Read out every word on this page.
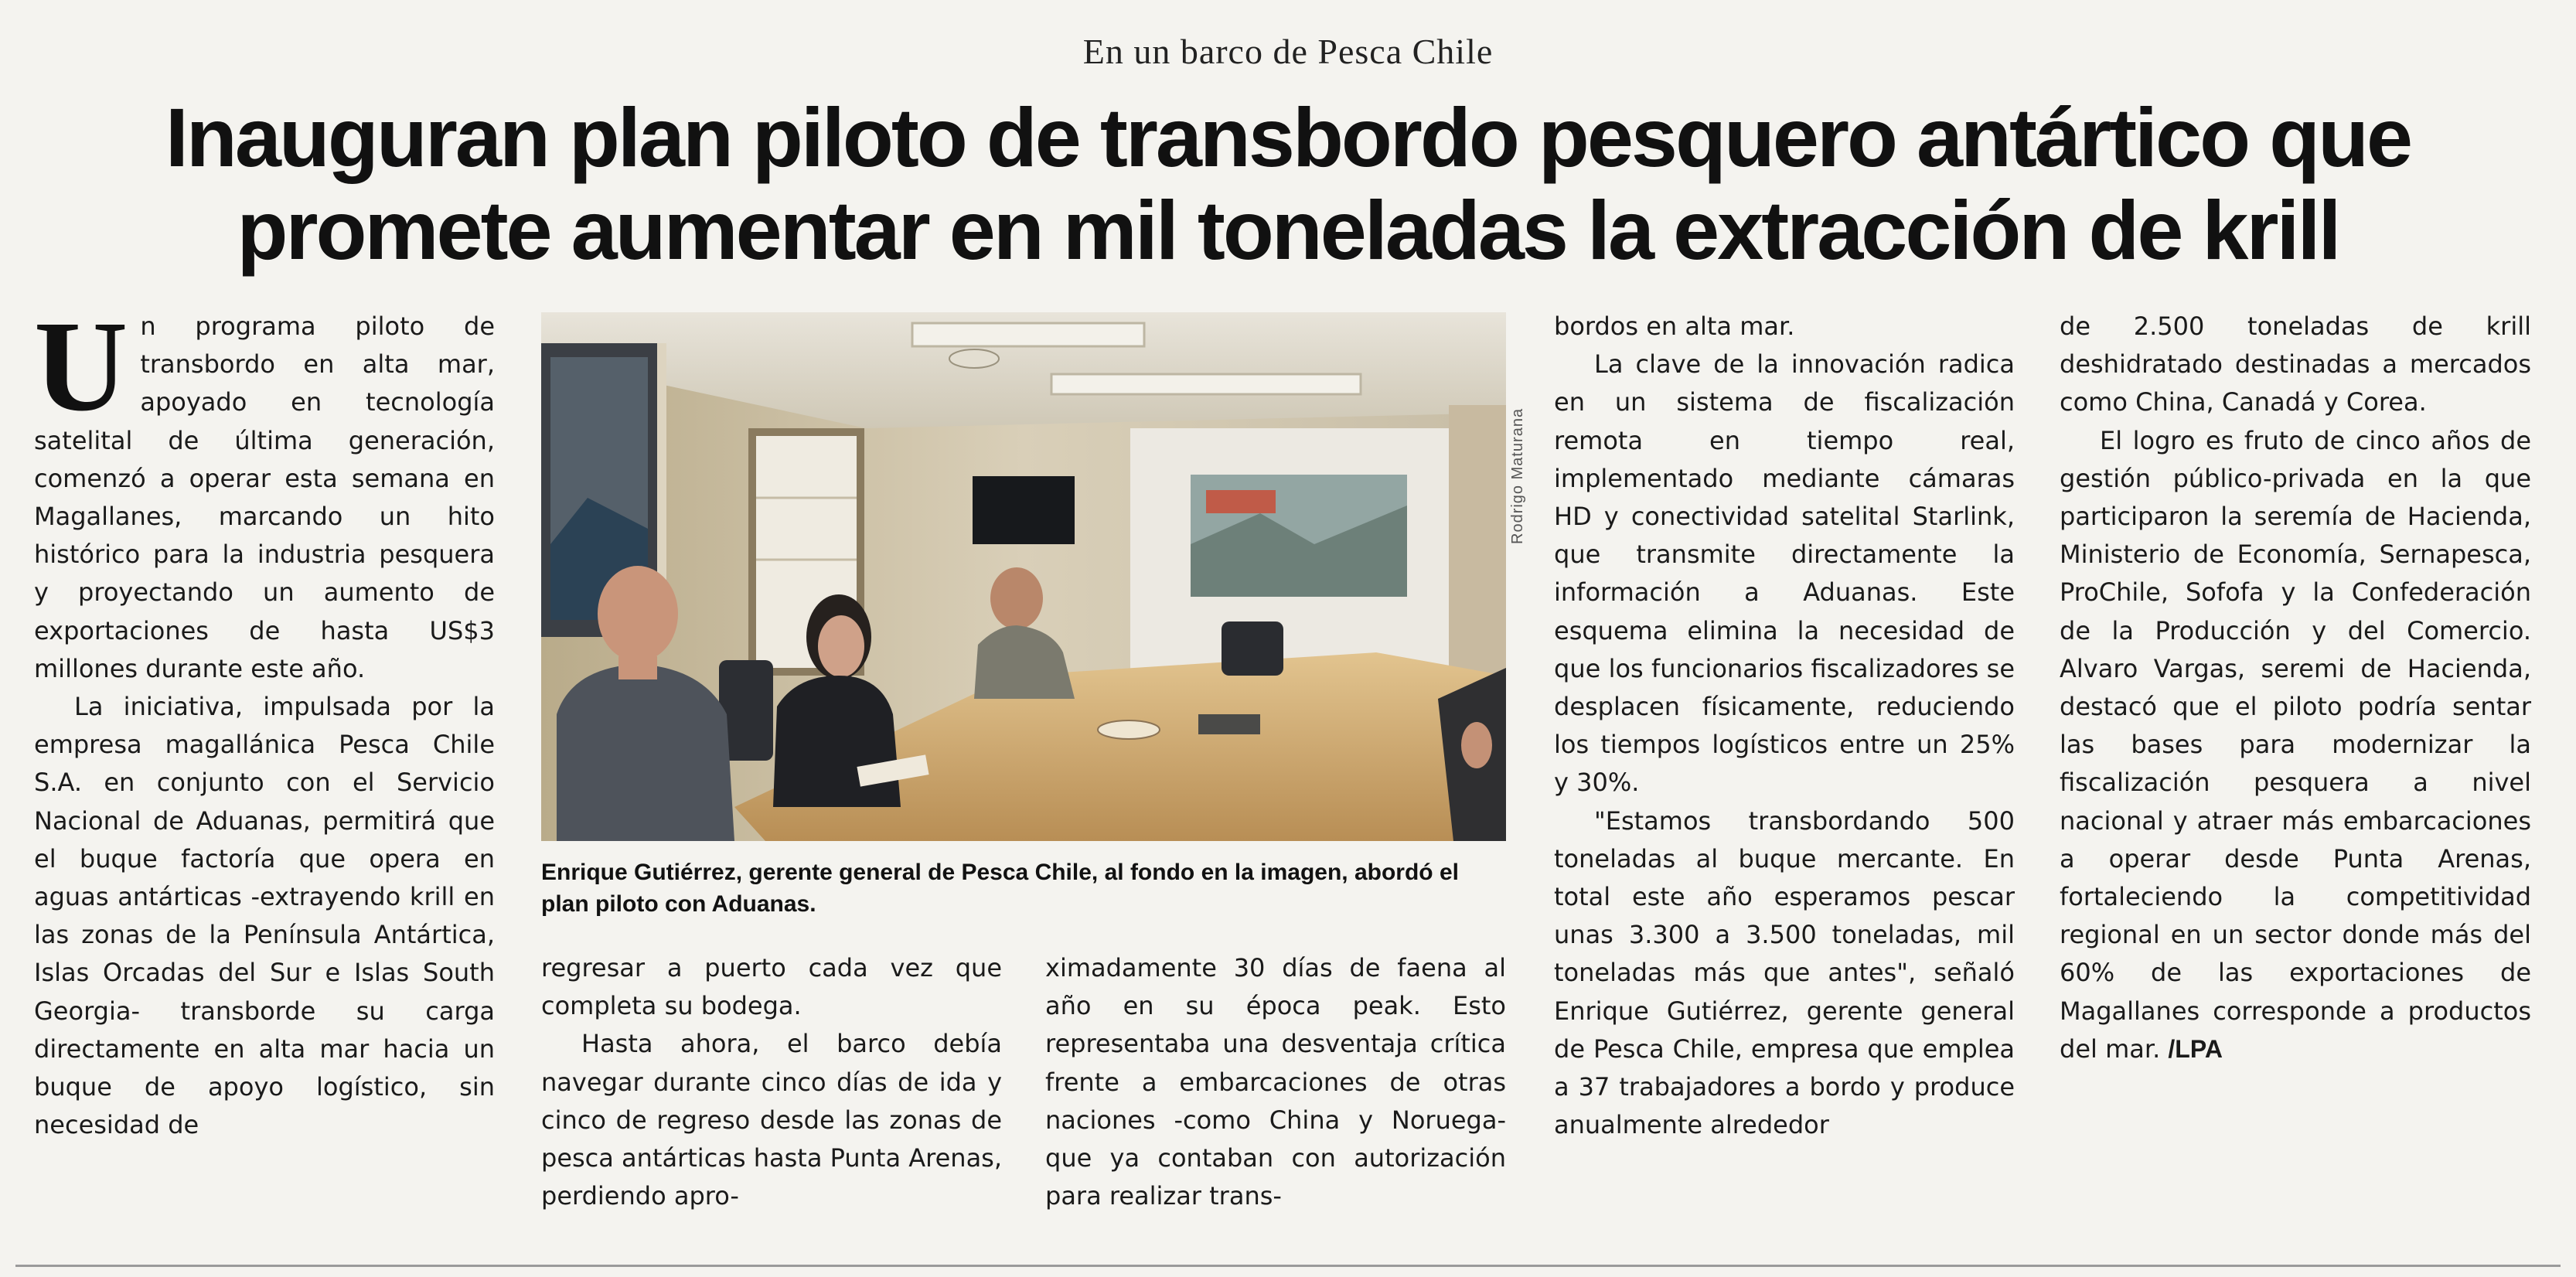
En un barco de Pesca Chile
Inauguran plan piloto de transbordo pesquero antártico que
promete aumentar en mil toneladas la extracción de krill

Un programa piloto de transbordo en alta mar, apoyado en tecnología satelital de última generación, comenzó a operar esta semana en Magallanes, marcando un hito histórico para la industria pesquera y proyectando un aumento de exportaciones de hasta US$3 millones durante este año.

La iniciativa, impulsada por la empresa magallánica Pesca Chile S.A. en conjunto con el Servicio Nacional de Aduanas, permitirá que el buque factoría que opera en aguas antárticas -extrayendo krill en las zonas de la Península Antártica, Islas Orcadas del Sur e Islas South Georgia- transborde su carga directamente en alta mar hacia un buque de apoyo logístico, sin necesidad de

Rodrigo Maturana
Enrique Gutiérrez, gerente general de Pesca Chile, al fondo en la imagen, abordó el plan piloto con Aduanas.

regresar a puerto cada vez que completa su bodega.

Hasta ahora, el barco debía navegar durante cinco días de ida y cinco de regreso desde las zonas de pesca antárticas hasta Punta Arenas, perdiendo apro-

ximadamente 30 días de faena al año en su época peak. Esto representaba una desventaja crítica frente a embarcaciones de otras naciones -como China y Noruega- que ya contaban con autorización para realizar trans-

bordos en alta mar.

La clave de la innovación radica en un sistema de fiscalización remota en tiempo real, implementado mediante cámaras HD y conectividad satelital Starlink, que transmite directamente la información a Aduanas. Este esquema elimina la necesidad de que los funcionarios fiscalizadores se desplacen físicamente, reduciendo los tiempos logísticos entre un 25% y 30%.

"Estamos transbordando 500 toneladas al buque mercante. En total este año esperamos pescar unas 3.300 a 3.500 toneladas, mil toneladas más que antes", señaló Enrique Gutiérrez, gerente general de Pesca Chile, empresa que emplea a 37 trabajadores a bordo y produce anualmente alrededor

de 2.500 toneladas de krill deshidratado destinadas a mercados como China, Canadá y Corea.

El logro es fruto de cinco años de gestión público-privada en la que participaron la seremía de Hacienda, Ministerio de Economía, Sernapesca, ProChile, Sofofa y la Confederación de la Producción y del Comercio. Alvaro Vargas, seremi de Hacienda, destacó que el piloto podría sentar las bases para modernizar la fiscalización pesquera a nivel nacional y atraer más embarcaciones a operar desde Punta Arenas, fortaleciendo la competitividad regional en un sector donde más del 60% de las exportaciones de Magallanes corresponde a productos del mar. /LPA
